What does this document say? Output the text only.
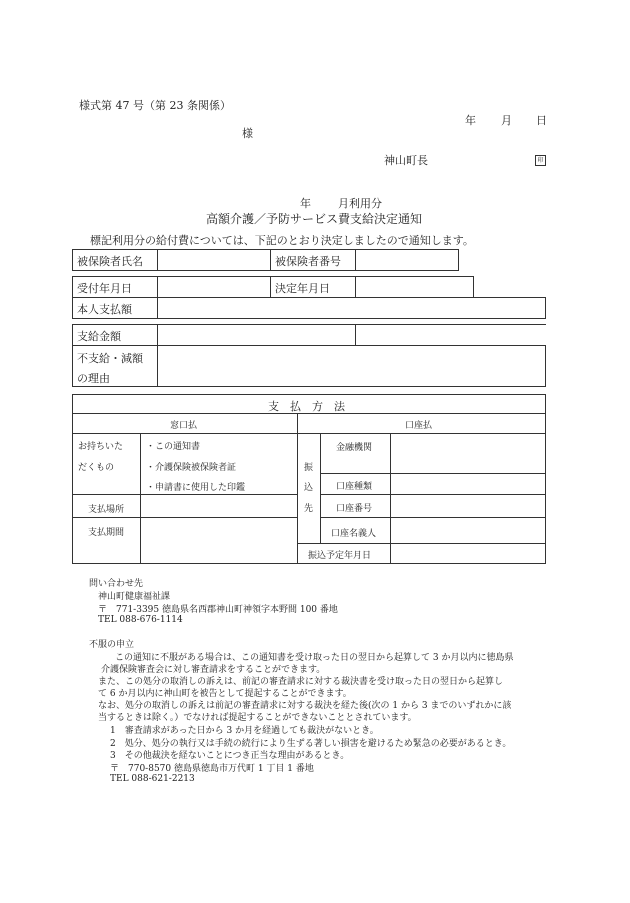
様式第 47 号（第 23 条関係）
年 月 日
様
神山町長	印
年 月利用分
高額介護／予防サービス費支給決定通知
標記利用分の給付費については、下記のとおり決定しましたので通知します。
被保険者氏名	被保険者番号
受付年月日	決定年月日
本人支払額
支給金額
不支給・減額
の理由
支　払　方　法
窓口払	口座払
お持ちいた
だくもの
・この通知書
・介護保険被保険者証
・申請書に使用した印鑑
支払場所
支払期間
振
込
先
金融機関
口座種類
口座番号
口座名義人
振込予定年月日
問い合わせ先
神山町健康福祉課
〒　771-3395 徳島県名西郡神山町神領字本野間 100 番地
TEL 088-676-1114
不服の申立
この通知に不服がある場合は、この通知書を受け取った日の翌日から起算して 3 か月以内に徳島県
介護保険審査会に対し審査請求をすることができます。
また、この処分の取消しの訴えは、前記の審査請求に対する裁決書を受け取った日の翌日から起算し
て 6 か月以内に神山町を被告として提起することができます。
なお、処分の取消しの訴えは前記の審査請求に対する裁決を経た後(次の 1 から 3 までのいずれかに該
当するときは除く。）でなければ提起することができないこととされています。
1　審査請求があった日から 3 か月を経過しても裁決がないとき。
2　処分、処分の執行又は手続の続行により生ずる著しい損害を避けるため緊急の必要があるとき。
3　その他裁決を経ないことにつき正当な理由があるとき。
〒　770-8570 徳島県徳島市万代町 1 丁目 1 番地
TEL 088-621-2213
